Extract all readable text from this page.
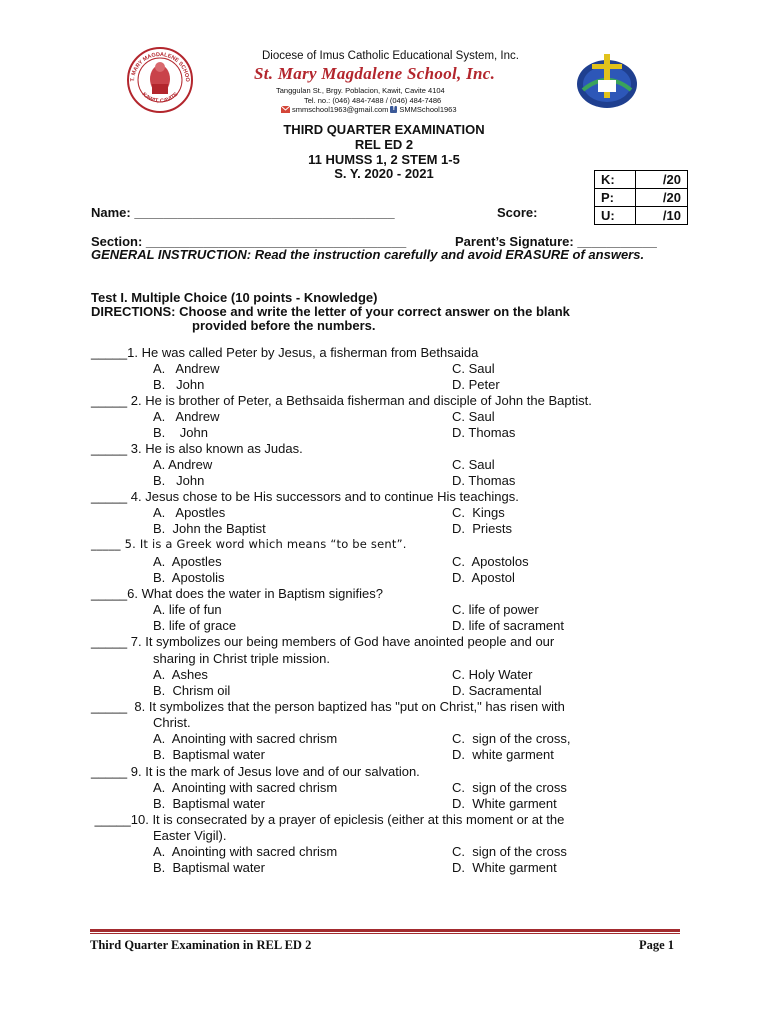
T. MARY MAGDALENE SCHOO
KAWIT, CAVITE
Diocese of Imus Catholic Educational System, Inc.
St. Mary Magdalene School, Inc.
Tanggulan St., Brgy. Poblacion, Kawit, Cavite 4104
Tel. no.: (046) 484-7488 / (046) 484-7486
smmschool1963@gmail.com f SMMSchool1963
THIRD QUARTER EXAMINATION
REL ED 2
11 HUMSS 1, 2 STEM 1-5
S. Y. 2020 - 2021	K:	/20
P:	/20
U:	/10
Name: ____________________________________	Score:
Section: ____________________________________	Parent’s Signature: ___________
GENERAL INSTRUCTION: Read the instruction carefully and avoid ERASURE of answers.
Test I. Multiple Choice (10 points - Knowledge)
DIRECTIONS: Choose and write the letter of your correct answer on the blank
provided before the numbers.
_____1. He was called Peter by Jesus, a fisherman from Bethsaida
A.   Andrew	C. Saul
B.   John	D. Peter
_____ 2. He is brother of Peter, a Bethsaida fisherman and disciple of John the Baptist.
A.   Andrew	C. Saul
B.    John	D. Thomas
_____ 3. He is also known as Judas.
A. Andrew	C. Saul
B.   John	D. Thomas
_____ 4. Jesus chose to be His successors and to continue His teachings.
A.   Apostles	C.  Kings
B.  John the Baptist	D.  Priests
_____ 5. It is a Greek word which means “to be sent”.
A.  Apostles	C.  Apostolos
B.  Apostolis	D.  Apostol
_____6. What does the water in Baptism signifies?
A. life of fun	C. life of power
B. life of grace	D. life of sacrament
_____ 7. It symbolizes our being members of God have anointed people and our
sharing in Christ triple mission.
A.  Ashes	C. Holy Water
B.  Chrism oil	D. Sacramental
_____  8. It symbolizes that the person baptized has "put on Christ," has risen with
Christ.
A.  Anointing with sacred chrism	C.  sign of the cross,
B.  Baptismal water	D.  white garment
_____ 9. It is the mark of Jesus love and of our salvation.
A.  Anointing with sacred chrism	C.  sign of the cross
B.  Baptismal water	D.  White garment
_____10. It is consecrated by a prayer of epiclesis (either at this moment or at the
Easter Vigil).
A.  Anointing with sacred chrism	C.  sign of the cross
B.  Baptismal water	D.  White garment
Third Quarter Examination in REL ED 2	Page 1
